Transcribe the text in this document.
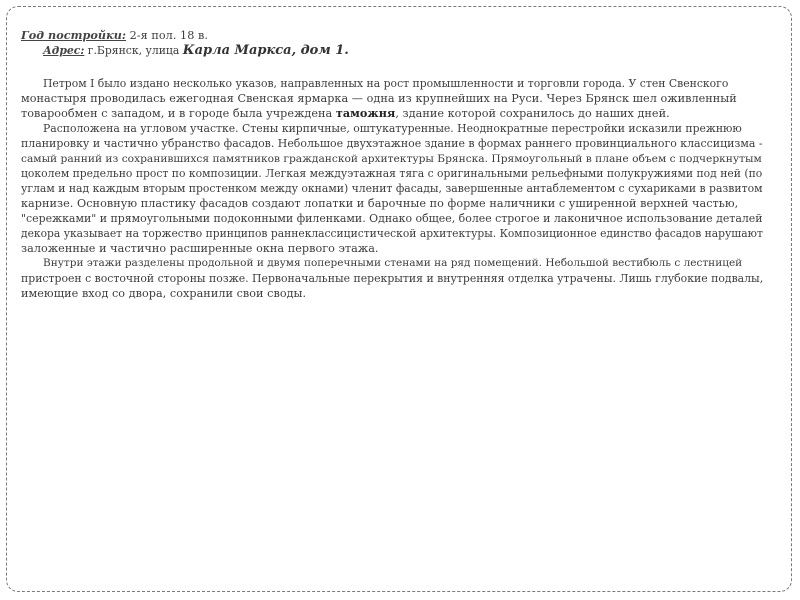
Год постройки: 2-я пол. 18 в.
Адрес: г.Брянск, улица Карла Маркса, дом 1.
Петром I было издано несколько указов, направленных на рост промышленности и торговли города. У стен Свенского
монастыря проводилась ежегодная Свенская ярмарка — одна из крупнейших на Руси. Через Брянск шел оживленный
товарообмен с западом, и в городе была учреждена таможня, здание которой сохранилось до наших дней.
Расположена на угловом участке. Стены кирпичные, оштукатуренные. Неоднократные перестройки исказили прежнюю
планировку и частично убранство фасадов. Небольшое двухэтажное здание в формах раннего провинциального классицизма -
самый ранний из сохранившихся памятников гражданской архитектуры Брянска. Прямоугольный в плане объем с подчеркнутым
цоколем предельно прост по композиции. Легкая междуэтажная тяга с оригинальными рельефными полукружиями под ней (по
углам и над каждым вторым простенком между окнами) членит фасады, завершенные антаблементом с сухариками в развитом
карнизе. Основную пластику фасадов создают лопатки и барочные по форме наличники с уширенной верхней частью,
"сережками" и прямоугольными подоконными филенками. Однако общее, более строгое и лаконичное использование деталей
декора указывает на торжество принципов раннеклассицистической архитектуры. Композиционное единство фасадов нарушают
заложенные и частично расширенные окна первого этажа.
Внутри этажи разделены продольной и двумя поперечными стенами на ряд помещений. Небольшой вестибюль с лестницей
пристроен с восточной стороны позже. Первоначальные перекрытия и внутренняя отделка утрачены. Лишь глубокие подвалы,
имеющие вход со двора, сохранили свои своды.
